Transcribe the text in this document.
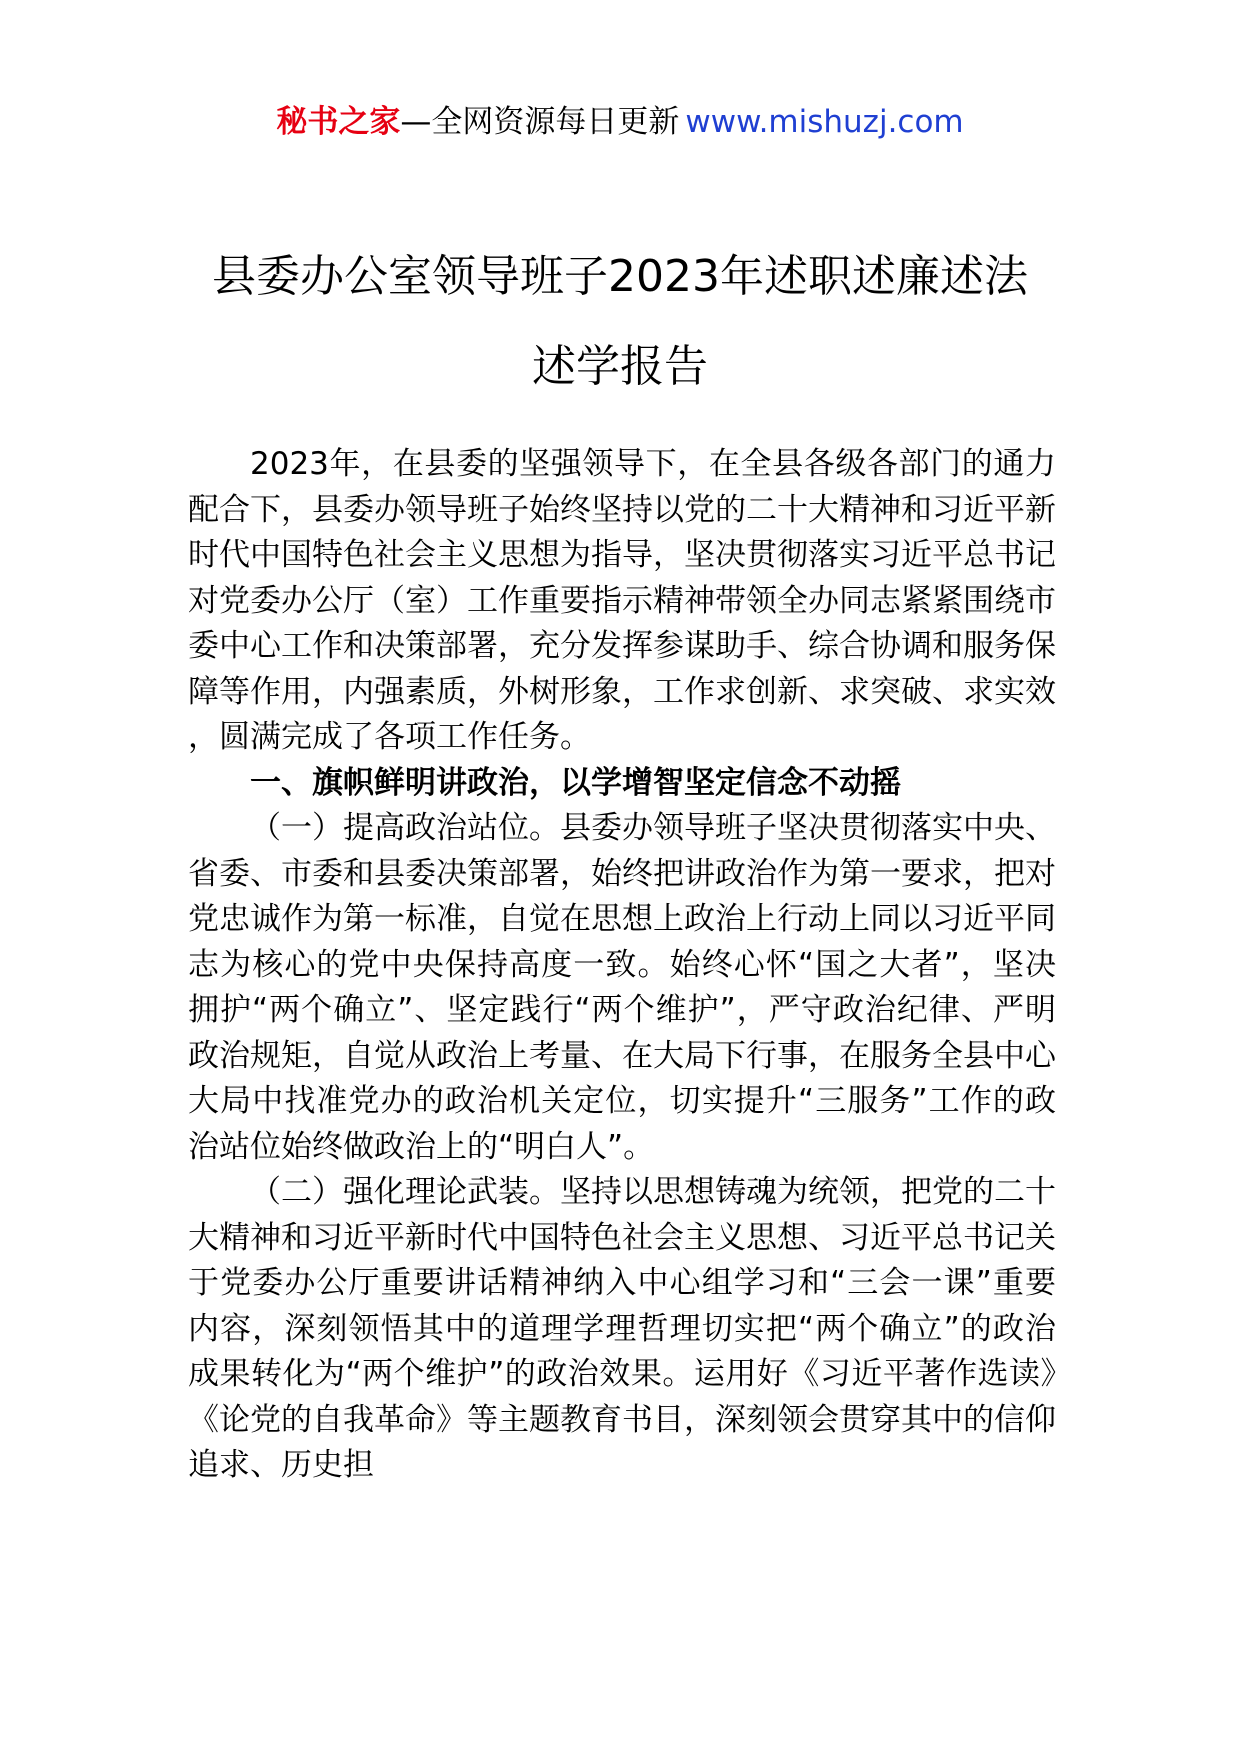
秘书之家—全网资源每日更新 www.mishuzj.com
县委办公室领导班子2023年述职述廉述法
述学报告

2023年，在县委的坚强领导下，在全县各级各部门的通力配合下，县委办领导班子始终坚持以党的二十大精神和习近平新时代中国特色社会主义思想为指导，坚决贯彻落实习近平总书记对党委办公厅（室）工作重要指示精神带领全办同志紧紧围绕市委中心工作和决策部署，充分发挥参谋助手、综合协调和服务保障等作用，内强素质，外树形象，工作求创新、求突破、求实效，圆满完成了各项工作任务。

一、旗帜鲜明讲政治，以学增智坚定信念不动摇

（一）提高政治站位。县委办领导班子坚决贯彻落实中央、省委、市委和县委决策部署，始终把讲政治作为第一要求，把对党忠诚作为第一标准，自觉在思想上政治上行动上同以习近平同志为核心的党中央保持高度一致。始终心怀“国之大者”，坚决拥护“两个确立”、坚定践行“两个维护”，严守政治纪律、严明政治规矩，自觉从政治上考量、在大局下行事，在服务全县中心大局中找准党办的政治机关定位，切实提升“三服务”工作的政治站位始终做政治上的“明白人”。

（二）强化理论武装。坚持以思想铸魂为统领，把党的二十大精神和习近平新时代中国特色社会主义思想、习近平总书记关于党委办公厅重要讲话精神纳入中心组学习和“三会一课”重要内容，深刻领悟其中的道理学理哲理切实把“两个确立”的政治成果转化为“两个维护”的政治效果。运用好《习近平著作选读》《论党的自我革命》等主题教育书目，深刻领会贯穿其中的信仰追求、历史担
